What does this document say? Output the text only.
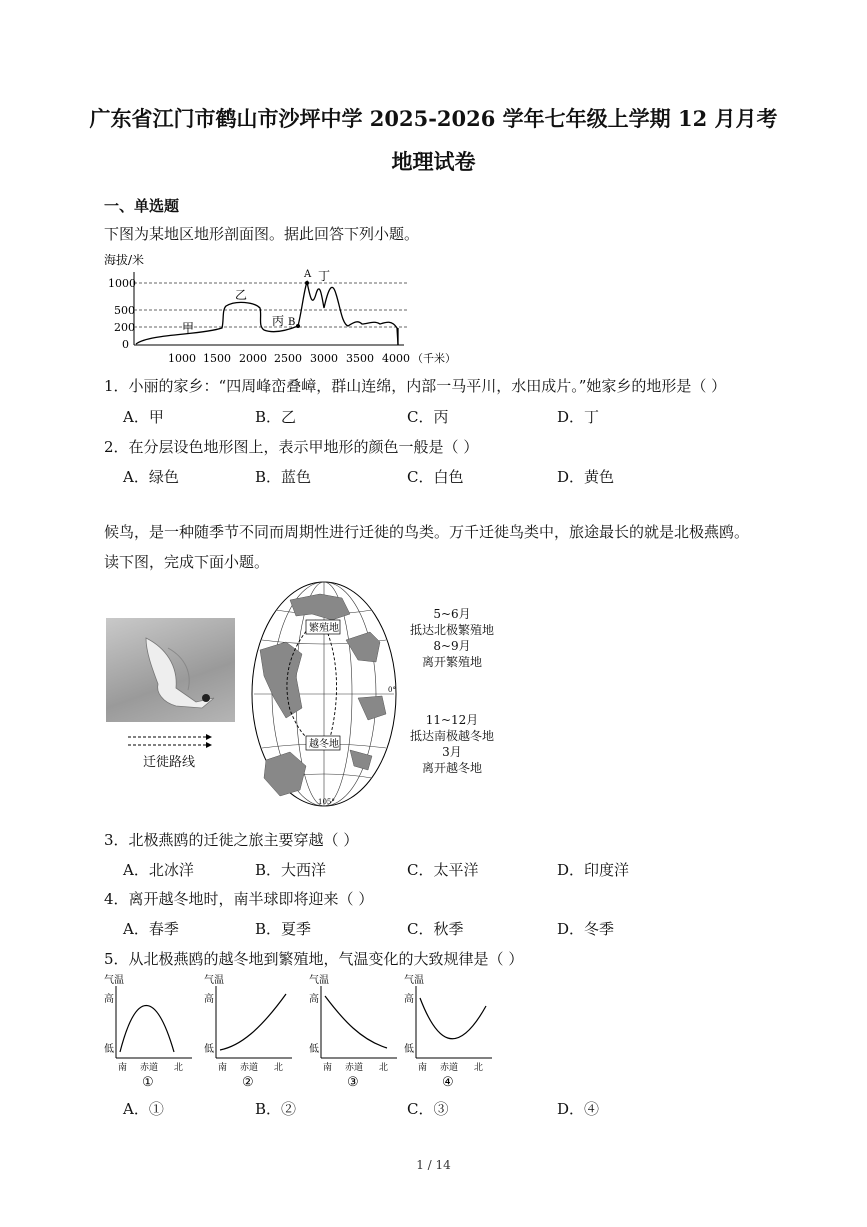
广东省江门市鹤山市沙坪中学 2025-2026 学年七年级上学期 12 月月考
地理试卷
一、单选题
下图为某地区地形剖面图。据此回答下列小题。
海拔/米
1000
500
200
0
甲
乙
丙
丁
A
B
1000 1500 2000 2500 3000 3500 4000 （千米）
1．小丽的家乡：“四周峰峦叠嶂，群山连绵，内部一马平川，水田成片。”她家乡的地形是（ ）
A．甲	B．乙	C．丙	D．丁
2．在分层设色地形图上，表示甲地形的颜色一般是（ ）
A．绿色	B．蓝色	C．白色	D．黄色
候鸟，是一种随季节不同而周期性进行迁徙的鸟类。万千迁徙鸟类中，旅途最长的就是北极燕鸥。
读下图，完成下面小题。
迁徙路线
繁殖地
越冬地
0°
105°
5~6月
抵达北极繁殖地
8~9月
离开繁殖地
11~12月
抵达南极越冬地
3月
离开越冬地
3．北极燕鸥的迁徙之旅主要穿越（ ）
A．北冰洋	B．大西洋	C．太平洋	D．印度洋
4．离开越冬地时，南半球即将迎来（ ）
A．春季	B．夏季	C．秋季	D．冬季
5．从北极燕鸥的越冬地到繁殖地，气温变化的大致规律是（ ）
气温
高
低
南 赤道 北
①
气温
高
低
南 赤道 北
②
气温
高
低
南 赤道 北
③
气温
高
低
南 赤道 北
④
A．①	B．②	C．③	D．④
1 / 14
